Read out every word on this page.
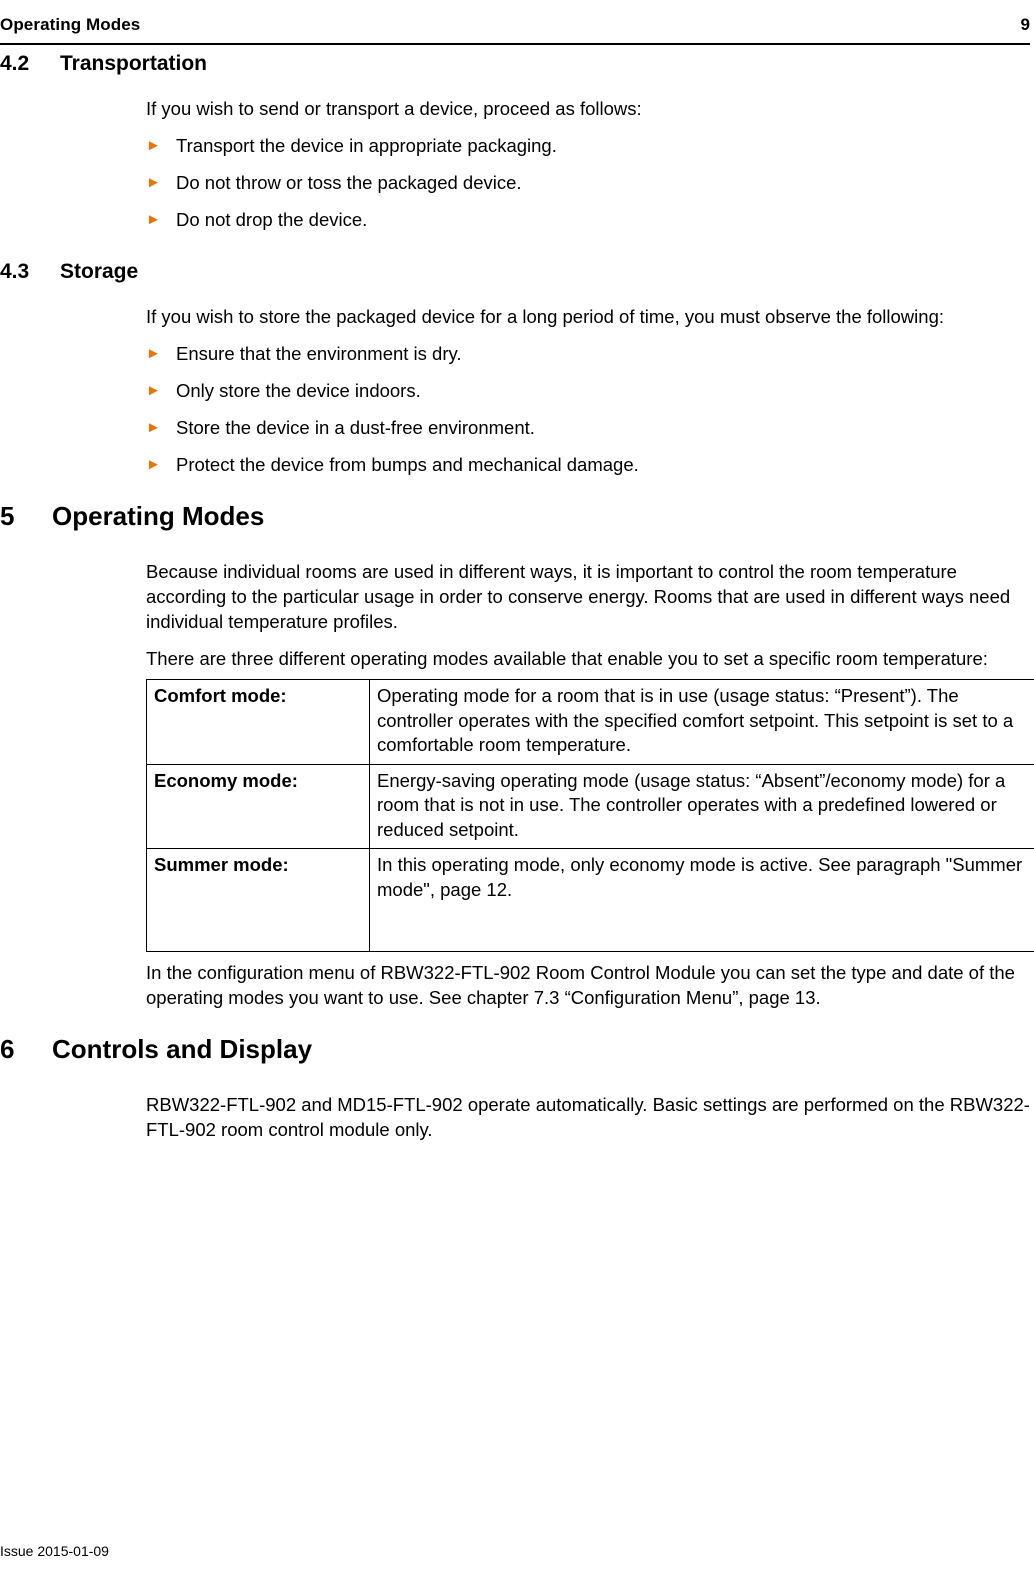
Operating Modes	9
4.2 Transportation

If you wish to send or transport a device, proceed as follows:

► Transport the device in appropriate packaging.
► Do not throw or toss the packaged device.
► Do not drop the device.
4.3 Storage

If you wish to store the packaged device for a long period of time, you must observe the following:

► Ensure that the environment is dry.
► Only store the device indoors.
► Store the device in a dust-free environment.
► Protect the device from bumps and mechanical damage.
5 Operating Modes

Because individual rooms are used in different ways, it is important to control the room temperature according to the particular usage in order to conserve energy. Rooms that are used in different ways need individual temperature profiles.

There are three different operating modes available that enable you to set a specific room temperature:

Comfort mode:	Operating mode for a room that is in use (usage status: “Present”). The controller operates with the specified comfort setpoint. This setpoint is set to a comfortable room temperature.
Economy mode:	Energy-saving operating mode (usage status: “Absent”/economy mode) for a room that is not in use. The controller operates with a predefined lowered or reduced setpoint.
Summer mode:	In this operating mode, only economy mode is active. See paragraph "Summer mode", page 12.

In the configuration menu of RBW322-FTL-902 Room Control Module you can set the type and date of the operating modes you want to use. See chapter 7.3 “Configuration Menu”, page 13.

6 Controls and Display

RBW322-FTL-902 and MD15-FTL-902 operate automatically. Basic settings are performed on the RBW322-FTL-902 room control module only.

Issue 2015-01-09
